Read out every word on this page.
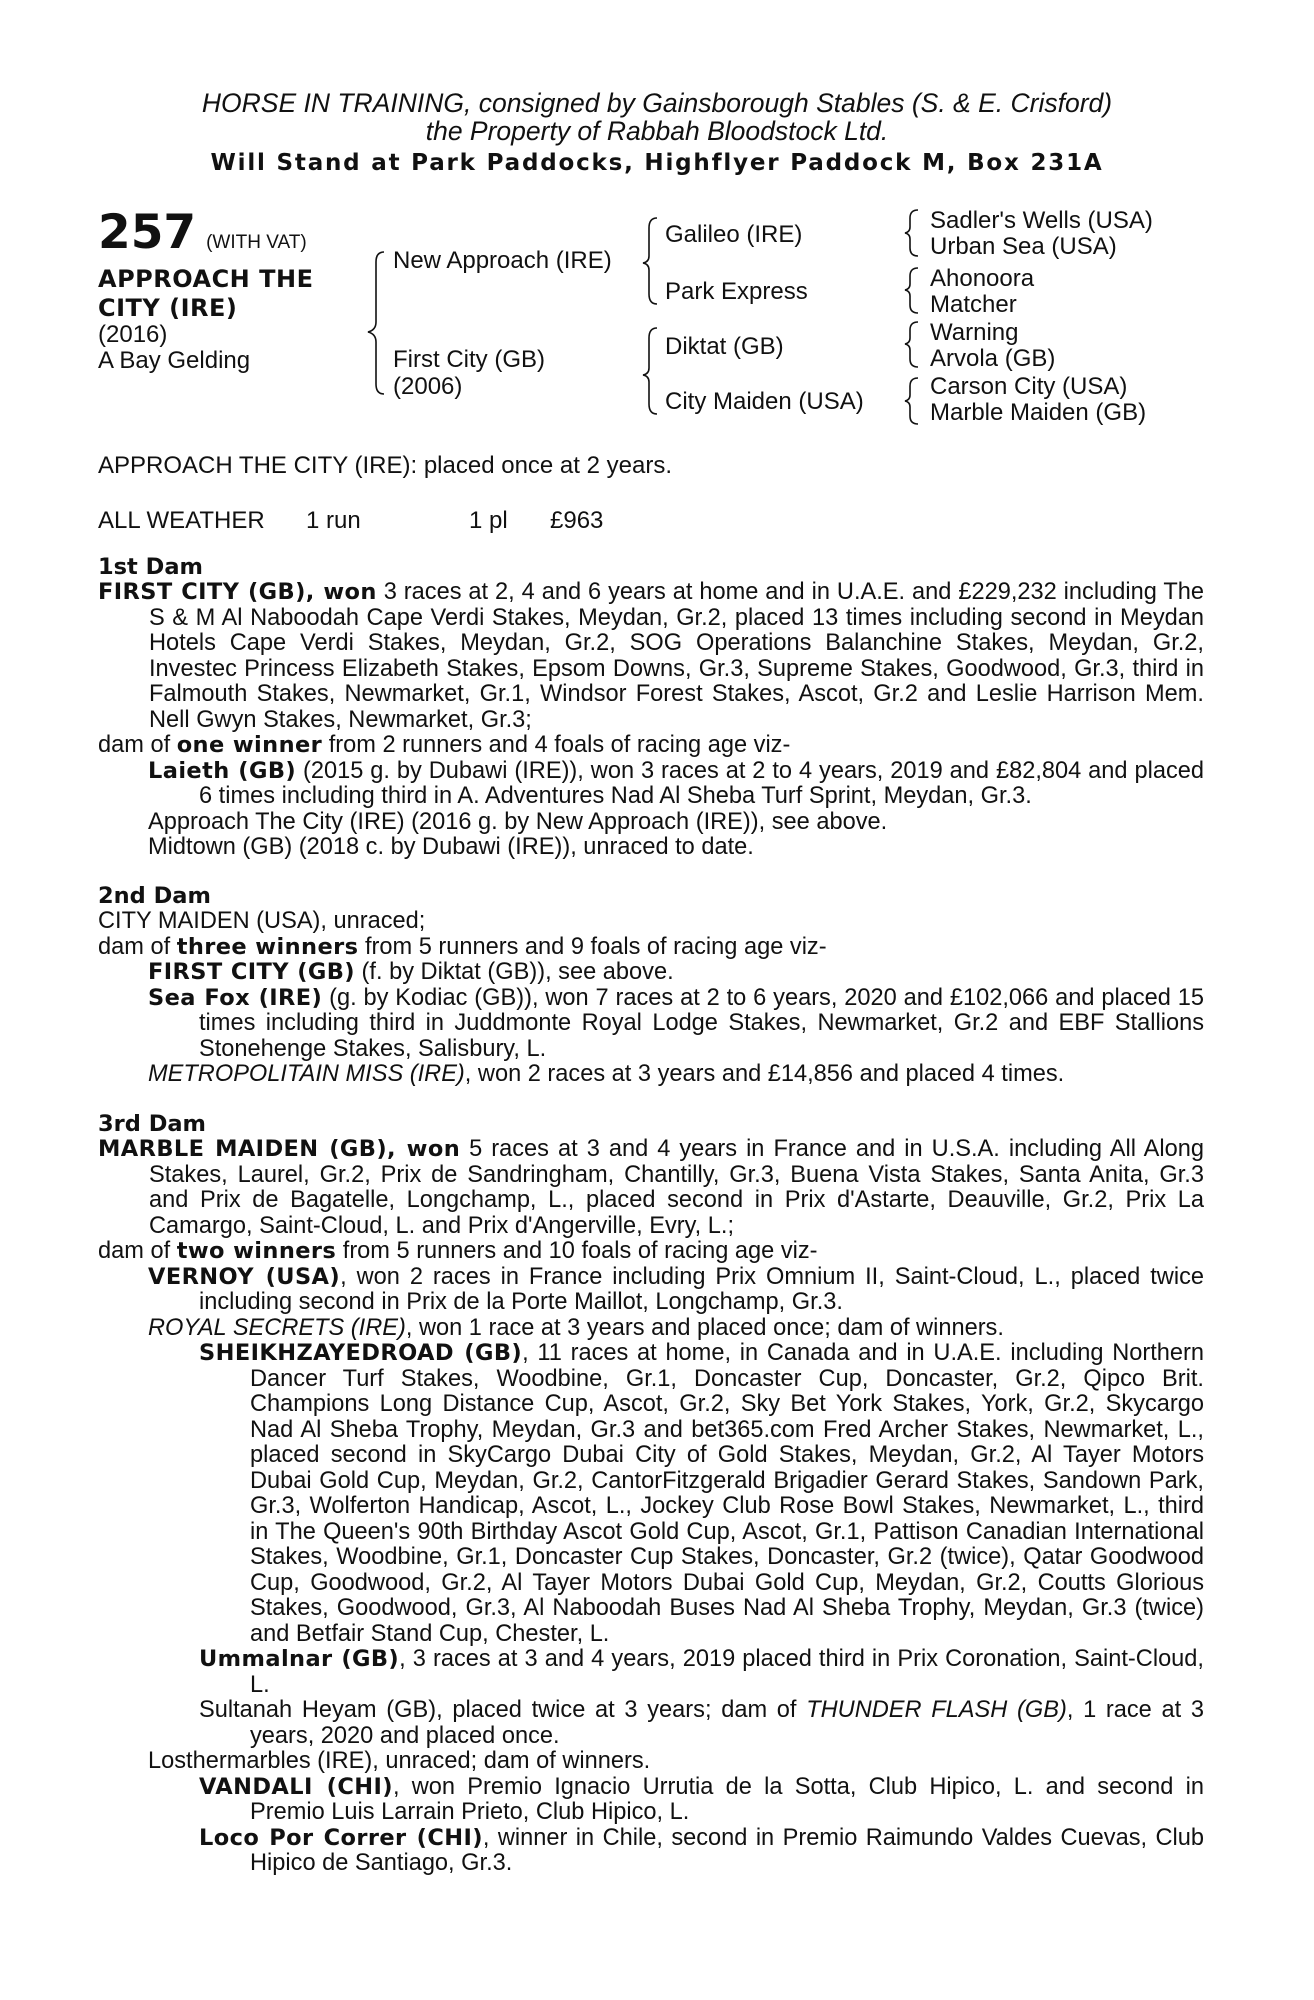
HORSE IN TRAINING, consigned by Gainsborough Stables (S. & E. Crisford)
the Property of Rabbah Bloodstock Ltd.
Will Stand at Park Paddocks, Highflyer Paddock M, Box 231A
257 (WITH VAT)
APPROACH THE
CITY (IRE)
(2016)
A Bay Gelding
New Approach (IRE)
First City (GB)
(2006)
Galileo (IRE)
Park Express
Diktat (GB)
City Maiden (USA)
Sadler's Wells (USA)
Urban Sea (USA)
Ahonoora
Matcher
Warning
Arvola (GB)
Carson City (USA)
Marble Maiden (GB)
APPROACH THE CITY (IRE): placed once at 2 years.
ALL WEATHER 1 run	1 pl £963
1st Dam

FIRST CITY (GB), won 3 races at 2, 4 and 6 years at home and in U.A.E. and £229,232 including The S & M Al Naboodah Cape Verdi Stakes, Meydan, Gr.2, placed 13 times including second in Meydan Hotels Cape Verdi Stakes, Meydan, Gr.2, SOG Operations Balanchine Stakes, Meydan, Gr.2, Investec Princess Elizabeth Stakes, Epsom Downs, Gr.3, Supreme Stakes, Goodwood, Gr.3, third in Falmouth Stakes, Newmarket, Gr.1, Windsor Forest Stakes, Ascot, Gr.2 and Leslie Harrison Mem. Nell Gwyn Stakes, Newmarket, Gr.3;

dam of one winner from 2 runners and 4 foals of racing age viz-

Laieth (GB) (2015 g. by Dubawi (IRE)), won 3 races at 2 to 4 years, 2019 and £82,804 and placed 6 times including third in A. Adventures Nad Al Sheba Turf Sprint, Meydan, Gr.3.

Approach The City (IRE) (2016 g. by New Approach (IRE)), see above.

Midtown (GB) (2018 c. by Dubawi (IRE)), unraced to date.

2nd Dam

CITY MAIDEN (USA), unraced;

dam of three winners from 5 runners and 9 foals of racing age viz-

FIRST CITY (GB) (f. by Diktat (GB)), see above.

Sea Fox (IRE) (g. by Kodiac (GB)), won 7 races at 2 to 6 years, 2020 and £102,066 and placed 15 times including third in Juddmonte Royal Lodge Stakes, Newmarket, Gr.2 and EBF Stallions Stonehenge Stakes, Salisbury, L.

METROPOLITAIN MISS (IRE), won 2 races at 3 years and £14,856 and placed 4 times.

3rd Dam

MARBLE MAIDEN (GB), won 5 races at 3 and 4 years in France and in U.S.A. including All Along Stakes, Laurel, Gr.2, Prix de Sandringham, Chantilly, Gr.3, Buena Vista Stakes, Santa Anita, Gr.3 and Prix de Bagatelle, Longchamp, L., placed second in Prix d'Astarte, Deauville, Gr.2, Prix La Camargo, Saint-Cloud, L. and Prix d'Angerville, Evry, L.;

dam of two winners from 5 runners and 10 foals of racing age viz-

VERNOY (USA), won 2 races in France including Prix Omnium II, Saint-Cloud, L., placed twice including second in Prix de la Porte Maillot, Longchamp, Gr.3.

ROYAL SECRETS (IRE), won 1 race at 3 years and placed once; dam of winners.

SHEIKHZAYEDROAD (GB), 11 races at home, in Canada and in U.A.E. including Northern Dancer Turf Stakes, Woodbine, Gr.1, Doncaster Cup, Doncaster, Gr.2, Qipco Brit. Champions Long Distance Cup, Ascot, Gr.2, Sky Bet York Stakes, York, Gr.2, Skycargo Nad Al Sheba Trophy, Meydan, Gr.3 and bet365.com Fred Archer Stakes, Newmarket, L., placed second in SkyCargo Dubai City of Gold Stakes, Meydan, Gr.2, Al Tayer Motors Dubai Gold Cup, Meydan, Gr.2, CantorFitzgerald Brigadier Gerard Stakes, Sandown Park, Gr.3, Wolferton Handicap, Ascot, L., Jockey Club Rose Bowl Stakes, Newmarket, L., third in The Queen's 90th Birthday Ascot Gold Cup, Ascot, Gr.1, Pattison Canadian International Stakes, Woodbine, Gr.1, Doncaster Cup Stakes, Doncaster, Gr.2 (twice), Qatar Goodwood Cup, Goodwood, Gr.2, Al Tayer Motors Dubai Gold Cup, Meydan, Gr.2, Coutts Glorious Stakes, Goodwood, Gr.3, Al Naboodah Buses Nad Al Sheba Trophy, Meydan, Gr.3 (twice) and Betfair Stand Cup, Chester, L.

Ummalnar (GB), 3 races at 3 and 4 years, 2019 placed third in Prix Coronation, Saint-Cloud, L.

Sultanah Heyam (GB), placed twice at 3 years; dam of THUNDER FLASH (GB), 1 race at 3 years, 2020 and placed once.

Losthermarbles (IRE), unraced; dam of winners.

VANDALI (CHI), won Premio Ignacio Urrutia de la Sotta, Club Hipico, L. and second in Premio Luis Larrain Prieto, Club Hipico, L.

Loco Por Correr (CHI), winner in Chile, second in Premio Raimundo Valdes Cuevas, Club Hipico de Santiago, Gr.3.
